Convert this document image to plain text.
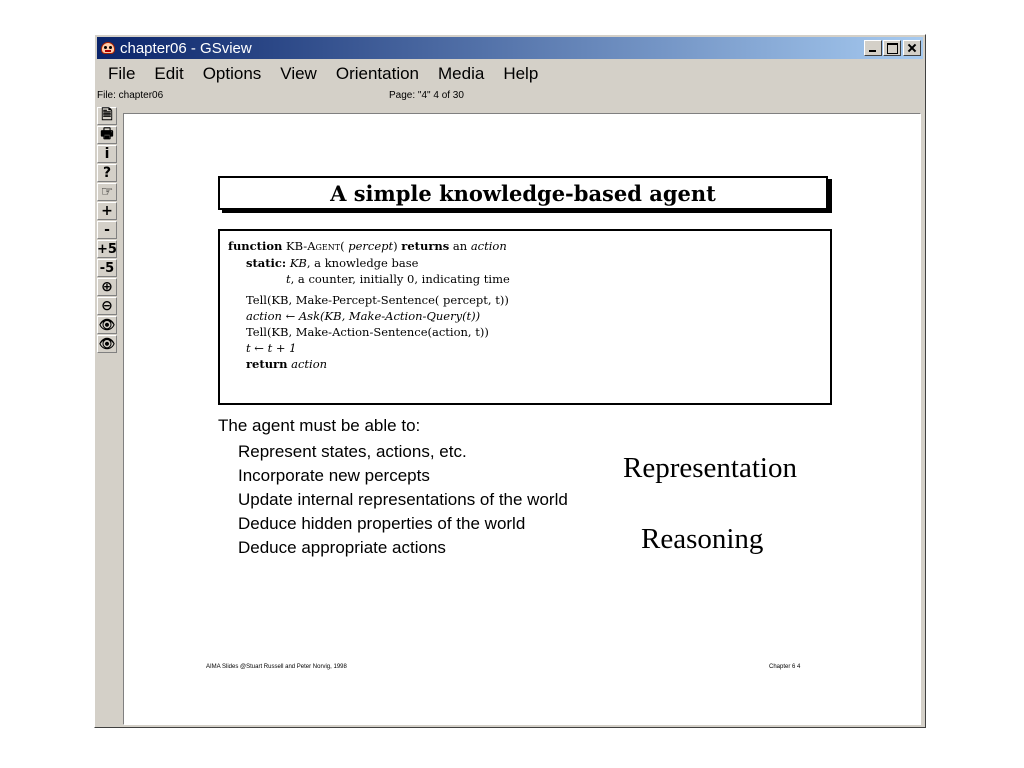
chapter06 - GSview
File	Edit	Options	View	Orientation	Media	Help
File: chapter06	Page: "4" 4 of 30
🗎
🖶
i
?
☞
+
-
+5
-5
⊕
⊖
👁
👁
A simple knowledge-based agent
function KB-Agent( percept) returns an action
static: KB, a knowledge base
t, a counter, initially 0, indicating time
Tell(KB, Make-Percept-Sentence( percept, t))
action ← Ask(KB, Make-Action-Query(t))
Tell(KB, Make-Action-Sentence(action, t))
t ← t + 1
return action
The agent must be able to:
Represent states, actions, etc.
Incorporate new percepts
Update internal representations of the world
Deduce hidden properties of the world
Deduce appropriate actions
Representation
Reasoning
AIMA Slides @Stuart Russell and Peter Norvig, 1998	Chapter 6 4
